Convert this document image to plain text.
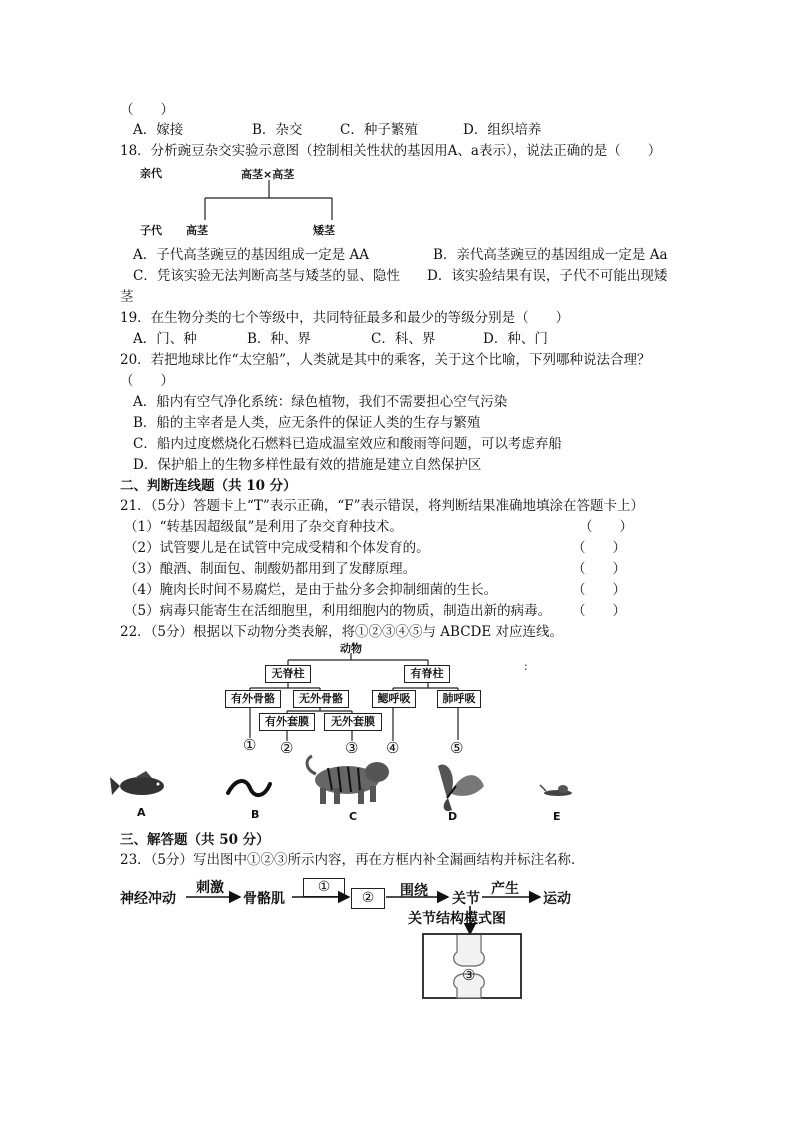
（　　）
A．嫁接	B．杂交	C．种子繁殖	D．组织培养
18．分析豌豆杂交实验示意图（控制相关性状的基因用A、a表示），说法正确的是（　　）
亲代	高茎×高茎
子代 高茎	矮茎
A．子代高茎豌豆的基因组成一定是 AA	B．亲代高茎豌豆的基因组成一定是 Aa
C．凭该实验无法判断高茎与矮茎的显、隐性 D．该实验结果有误，子代不可能出现矮
茎
19．在生物分类的七个等级中，共同特征最多和最少的等级分别是（　　）
A．门、种	B．种、界	C．科、界	D．种、门
20．若把地球比作“太空船”，人类就是其中的乘客，关于这个比喻，下列哪种说法合理？
（　　）
A．船内有空气净化系统：绿色植物，我们不需要担心空气污染
B．船的主宰者是人类，应无条件的保证人类的生存与繁殖
C．船内过度燃烧化石燃料已造成温室效应和酸雨等问题，可以考虑弃船
D．保护船上的生物多样性最有效的措施是建立自然保护区
二、判断连线题（共 10 分）
21．（5分）答题卡上“T”表示正确，“F”表示错误，将判断结果准确地填涂在答题卡上）
（1）“转基因超级鼠”是利用了杂交育种技术。	（　　）
（2）试管婴儿是在试管中完成受精和个体发育的。	（　　）
（3）酿酒、制面包、制酸奶都用到了发酵原理。	（　　）
（4）腌肉长时间不易腐烂，是由于盐分多会抑制细菌的生长。	（　　）
（5）病毒只能寄生在活细胞里，利用细胞内的物质，制造出新的病毒。 （　　）
22．（5分）根据以下动物分类表解，将①②③④⑤与 ABCDE 对应连线。
动物
无脊柱	有脊柱
:
有外骨骼	无外骨骼	鳃呼吸	肺呼吸
有外套膜	无外套膜
① ②	③ ④	⑤
A	B	C	D	E
三、解答题（共 50 分）
23．（5分）写出图中①②③所示内容，再在方框内补全漏画结构并标注名称．
神经冲动
刺激
骨骼肌
①
②	围绕 关节
产生
运动
关节结构模式图
③
